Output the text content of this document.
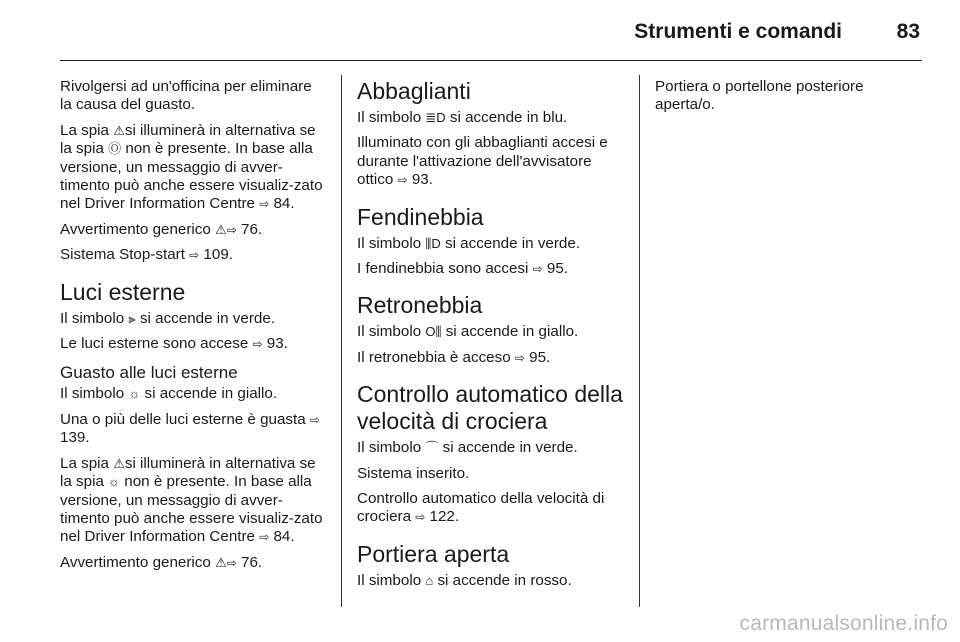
Strumenti e comandi	83

Rivolgersi ad un'officina per eliminare la causa del guasto.

La spia ⚠si illuminerà in alternativa se la spia Ⓞ non è presente. In base alla versione, un messaggio di avver-timento può anche essere visualiz-zato nel Driver Information Centre ⇨ 84.

Avvertimento generico ⚠⇨ 76.

Sistema Stop-start ⇨ 109.

Luci esterne

Il simbolo ⫸ si accende in verde.

Le luci esterne sono accese ⇨ 93.

Guasto alle luci esterne

Il simbolo ☼ si accende in giallo.

Una o più delle luci esterne è guasta ⇨ 139.

La spia ⚠si illuminerà in alternativa se la spia ☼ non è presente. In base alla versione, un messaggio di avver-timento può anche essere visualiz-zato nel Driver Information Centre ⇨ 84.

Avvertimento generico ⚠⇨ 76.

Abbaglianti

Il simbolo ≣D si accende in blu.

Illuminato con gli abbaglianti accesi e durante l'attivazione dell'avvisatore ottico ⇨ 93.

Fendinebbia

Il simbolo ⫼D si accende in verde.

I fendinebbia sono accesi ⇨ 95.

Retronebbia

Il simbolo O⫼ si accende in giallo.

Il retronebbia è acceso ⇨ 95.

Controllo automatico della velocità di crociera

Il simbolo ⌒ si accende in verde.

Sistema inserito.

Controllo automatico della velocità di crociera ⇨ 122.

Portiera aperta

Il simbolo ⌂ si accende in rosso.

Portiera o portellone posteriore aperta/o.

carmanualsonline.info
